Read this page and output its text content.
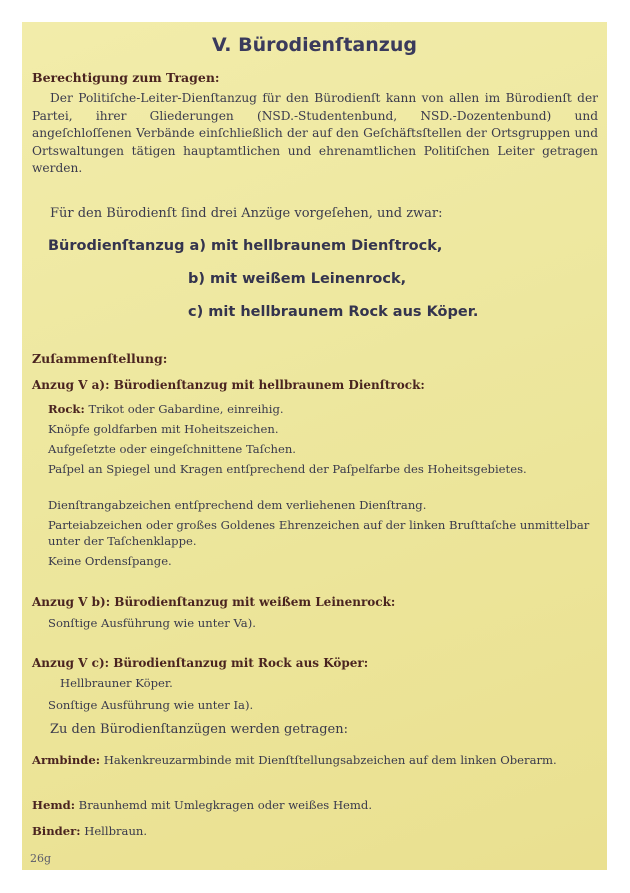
V. Bürodienſtanzug
Berechtigung zum Tragen:
Der Politiſche-Leiter-Dienſtanzug für den Bürodienſt kann von allen im Bürodienſt der Partei, ihrer Gliederungen (NSD.-Studentenbund, NSD.-Dozentenbund) und angeſchloſſenen Verbände einſchließlich der auf den Geſchäftsſtellen der Ortsgruppen und Ortswaltungen tätigen hauptamtlichen und ehrenamtlichen Politiſchen Leiter getragen werden.
Für den Bürodienſt ſind drei Anzüge vorgeſehen, und zwar:
Bürodienſtanzug a) mit hellbraunem Dienſtrock,
b) mit weißem Leinenrock,
c) mit hellbraunem Rock aus Köper.
Zuſammenſtellung:
Anzug V a): Bürodienſtanzug mit hellbraunem Dienſtrock:
Rock: Trikot oder Gabardine, einreihig.
Knöpfe goldfarben mit Hoheitszeichen.
Aufgeſetzte oder eingeſchnittene Taſchen.
Paſpel an Spiegel und Kragen entſprechend der Paſpelfarbe des Hoheitsgebietes.
Dienſtrangabzeichen entſprechend dem verliehenen Dienſtrang.
Parteiabzeichen oder großes Goldenes Ehrenzeichen auf der linken Bruſttaſche unmittelbar unter der Taſchenklappe.
Keine Ordensſpange.
Anzug V b): Bürodienſtanzug mit weißem Leinenrock:
Sonſtige Ausführung wie unter Va).
Anzug V c): Bürodienſtanzug mit Rock aus Köper:
Hellbrauner Köper.
Sonſtige Ausführung wie unter Ia).
Zu den Bürodienſtanzügen werden getragen:
Armbinde: Hakenkreuzarmbinde mit Dienſtſtellungsabzeichen auf dem linken Oberarm.
Hemd: Braunhemd mit Umlegkragen oder weißes Hemd.
Binder: Hellbraun.
26g
